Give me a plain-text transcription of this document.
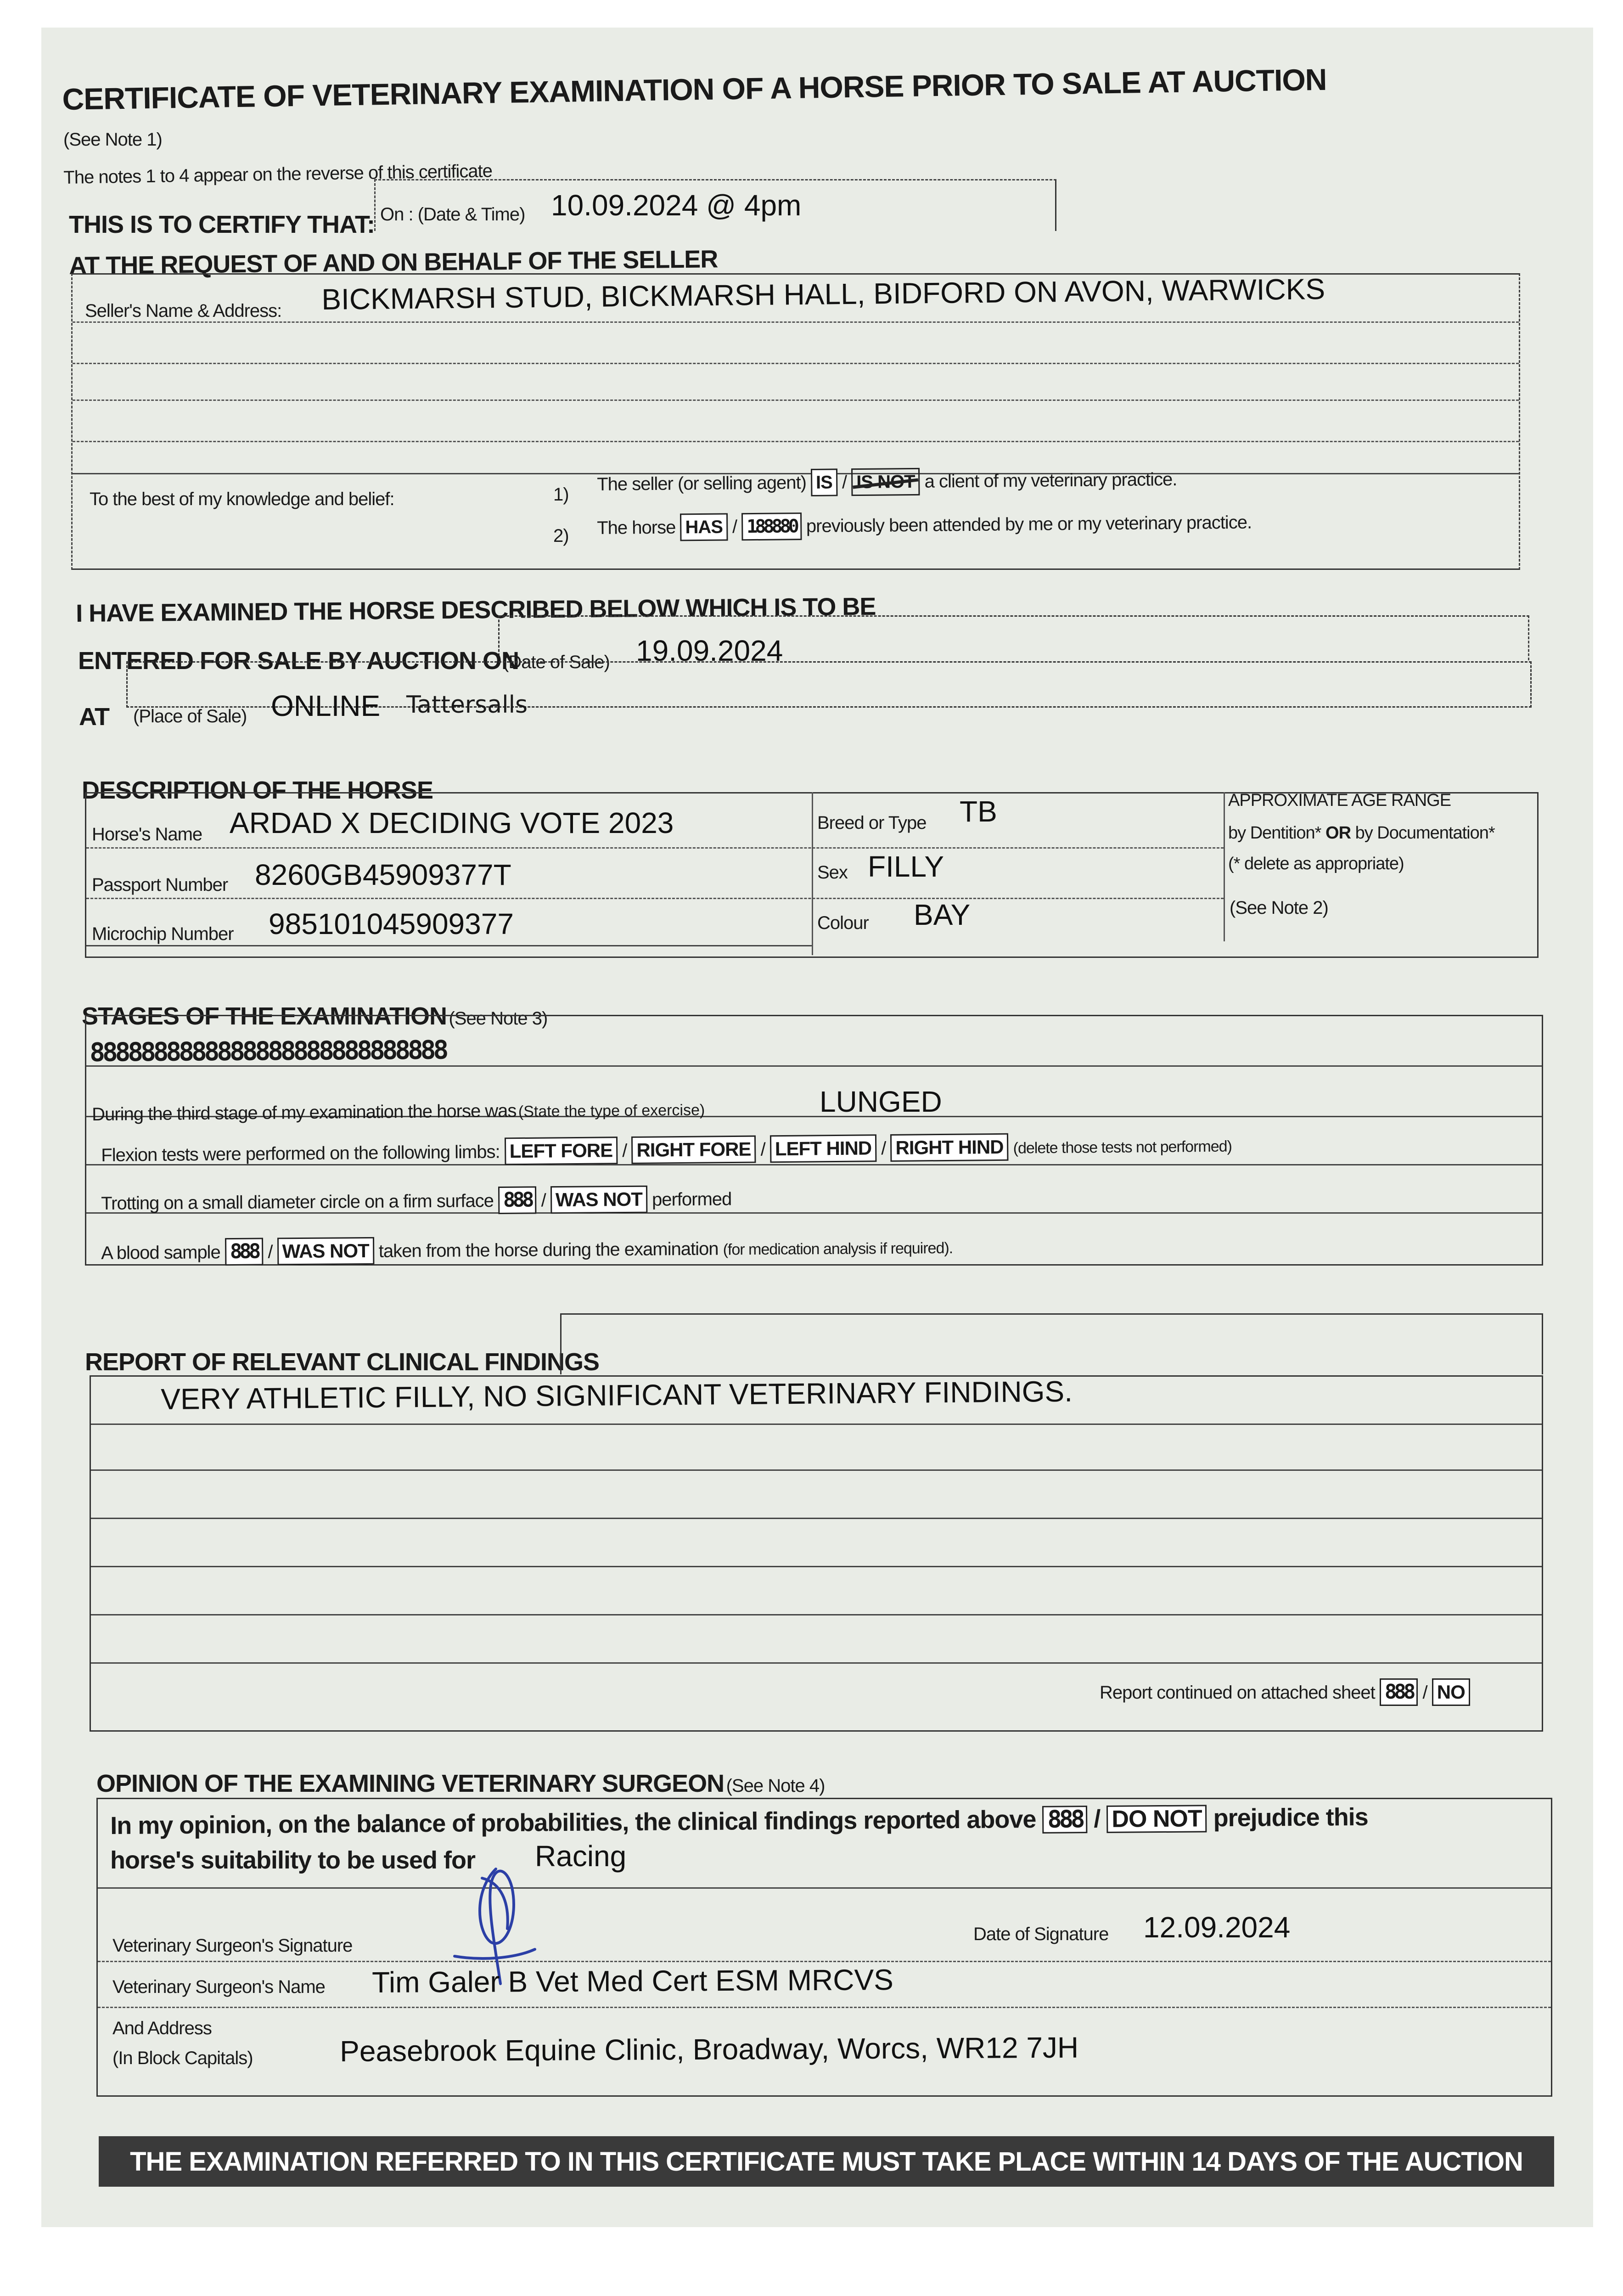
CERTIFICATE OF VETERINARY EXAMINATION OF A HORSE PRIOR TO SALE AT AUCTION
(See Note 1)
The notes 1 to 4 appear on the reverse of this certificate
THIS IS TO CERTIFY THAT: On : (Date & Time) 10.09.2024 @ 4pm
AT THE REQUEST OF AND ON BEHALF OF THE SELLER
Seller's Name & Address: BICKMARSH STUD, BICKMARSH HALL, BIDFORD ON AVON, WARWICKS
To the best of my knowledge and belief:	1)
The seller (or selling agent) IS / IS NOT a client of my veterinary practice.
2) The horse HAS / 188880 previously been attended by me or my veterinary practice.
I HAVE EXAMINED THE HORSE DESCRIBED BELOW WHICH IS TO BE
ENTERED FOR SALE BY AUCTION ON
(Date of Sale) 19.09.2024
AT (Place of Sale) ONLINE Tattersalls
DESCRIPTION OF THE HORSE
Horse's Name ARDAD X DECIDING VOTE 2023
Passport Number 8260GB45909377T
Microchip Number 985101045909377
Breed or Type TB
Sex FILLY
Colour BAY
APPROXIMATE AGE RANGE
by Dentition* OR by Documentation*
(* delete as appropriate)
(See Note 2)
STAGES OF THE EXAMINATION (See Note 3)
8888888888888888888888888888
During the third stage of my examination the horse was (State the type of exercise)	LUNGED
Flexion tests were performed on the following limbs: LEFT FORE / RIGHT FORE / LEFT HIND / RIGHT HIND (delete those tests not performed)
Trotting on a small diameter circle on a firm surface 888 / WAS NOT performed
A blood sample 888 / WAS NOT taken from the horse during the examination (for medication analysis if required).
REPORT OF RELEVANT CLINICAL FINDINGS
VERY ATHLETIC FILLY, NO SIGNIFICANT VETERINARY FINDINGS.
Report continued on attached sheet 888 / NO
OPINION OF THE EXAMINING VETERINARY SURGEON (See Note 4)
In my opinion, on the balance of probabilities, the clinical findings reported above 888 / DO NOT prejudice this
horse's suitability to be used for Racing
Veterinary Surgeon's Signature
Date of Signature 12.09.2024
Veterinary Surgeon's Name Tim Galer B Vet Med Cert ESM MRCVS
And Address
(In Block Capitals)	Peasebrook Equine Clinic, Broadway, Worcs, WR12 7JH
THE EXAMINATION REFERRED TO IN THIS CERTIFICATE MUST TAKE PLACE WITHIN 14 DAYS OF THE AUCTION
